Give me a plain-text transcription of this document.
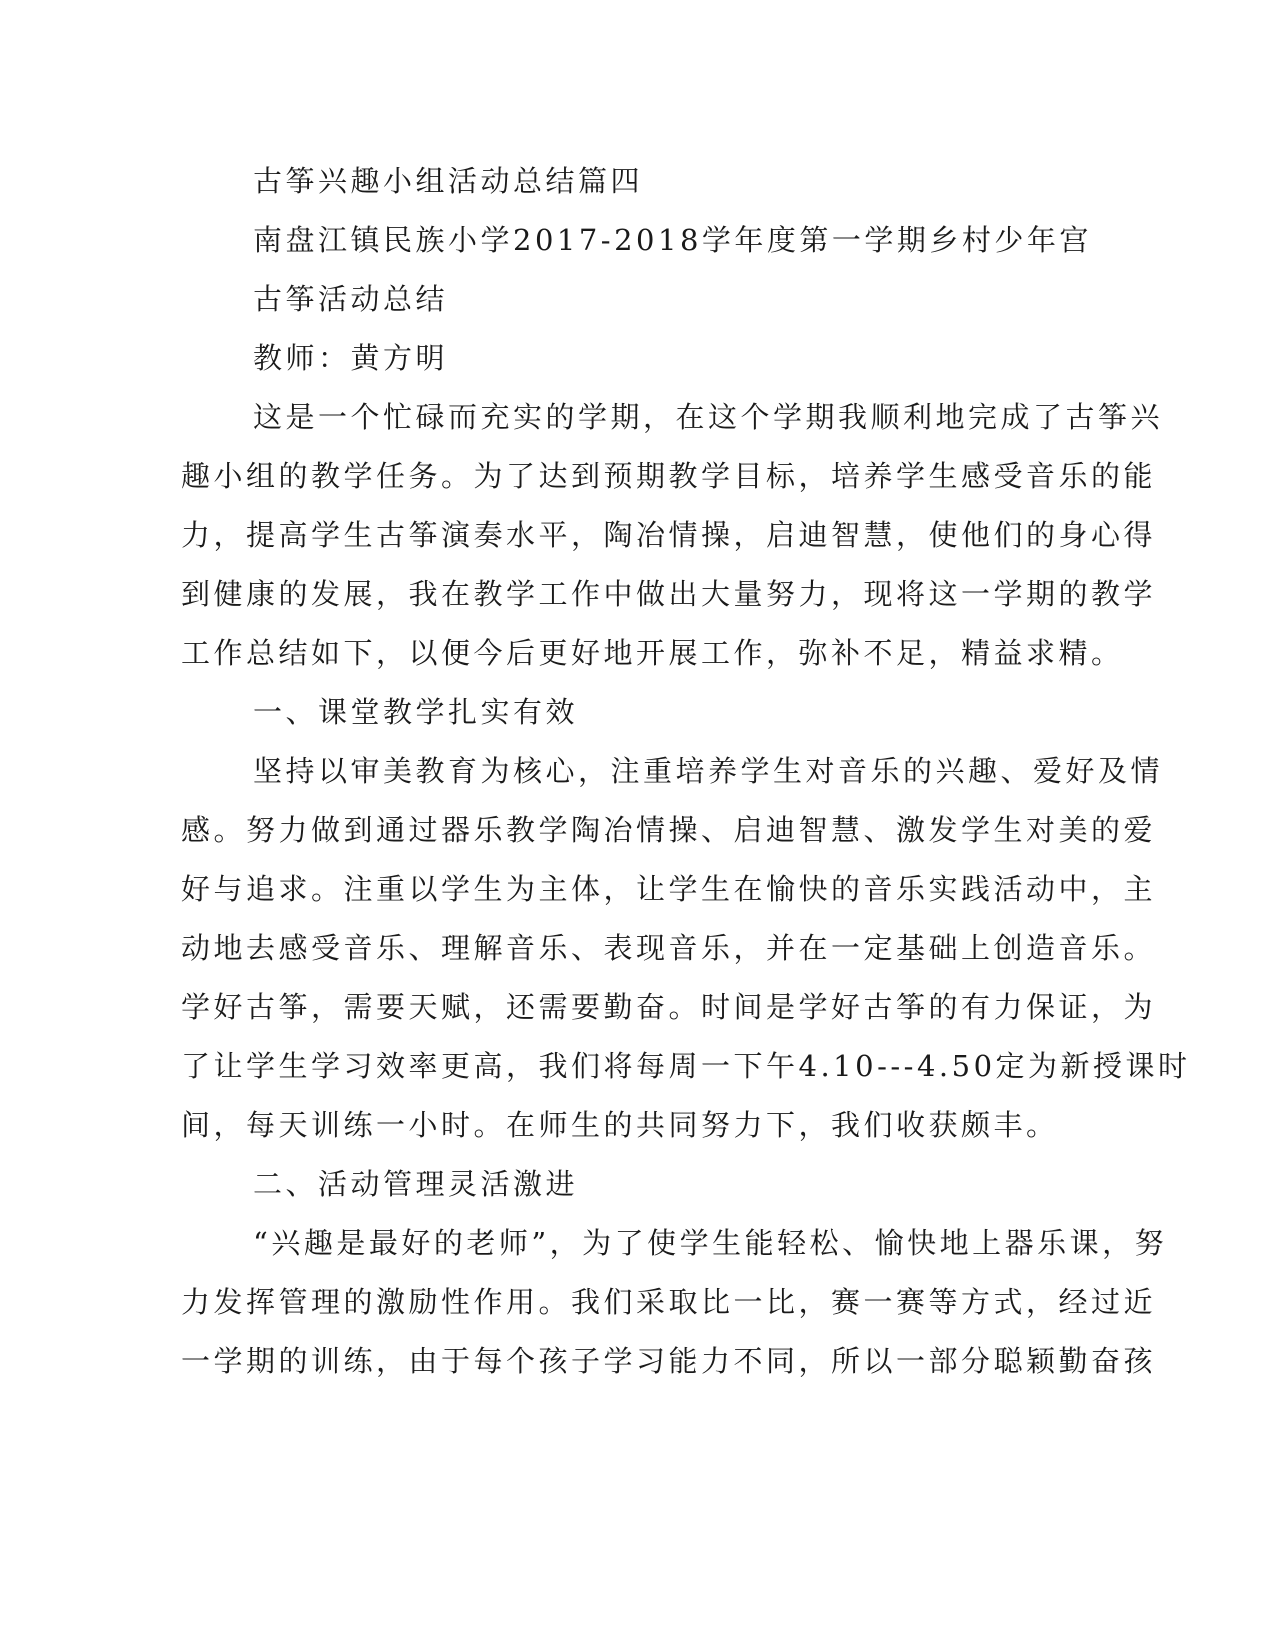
古筝兴趣小组活动总结篇四
南盘江镇民族小学2017-2018学年度第一学期乡村少年宫
古筝活动总结
教师：黄方明
这是一个忙碌而充实的学期，在这个学期我顺利地完成了古筝兴
趣小组的教学任务。为了达到预期教学目标，培养学生感受音乐的能
力，提高学生古筝演奏水平，陶冶情操，启迪智慧，使他们的身心得
到健康的发展，我在教学工作中做出大量努力，现将这一学期的教学
工作总结如下，以便今后更好地开展工作，弥补不足，精益求精。
一、课堂教学扎实有效
坚持以审美教育为核心，注重培养学生对音乐的兴趣、爱好及情
感。努力做到通过器乐教学陶冶情操、启迪智慧、激发学生对美的爱
好与追求。注重以学生为主体，让学生在愉快的音乐实践活动中，主
动地去感受音乐、理解音乐、表现音乐，并在一定基础上创造音乐。
学好古筝，需要天赋，还需要勤奋。时间是学好古筝的有力保证，为
了让学生学习效率更高，我们将每周一下午4.10---4.50定为新授课时
间，每天训练一小时。在师生的共同努力下，我们收获颇丰。
二、活动管理灵活激进
“兴趣是最好的老师”，为了使学生能轻松、愉快地上器乐课，努
力发挥管理的激励性作用。我们采取比一比，赛一赛等方式，经过近
一学期的训练，由于每个孩子学习能力不同，所以一部分聪颖勤奋孩
